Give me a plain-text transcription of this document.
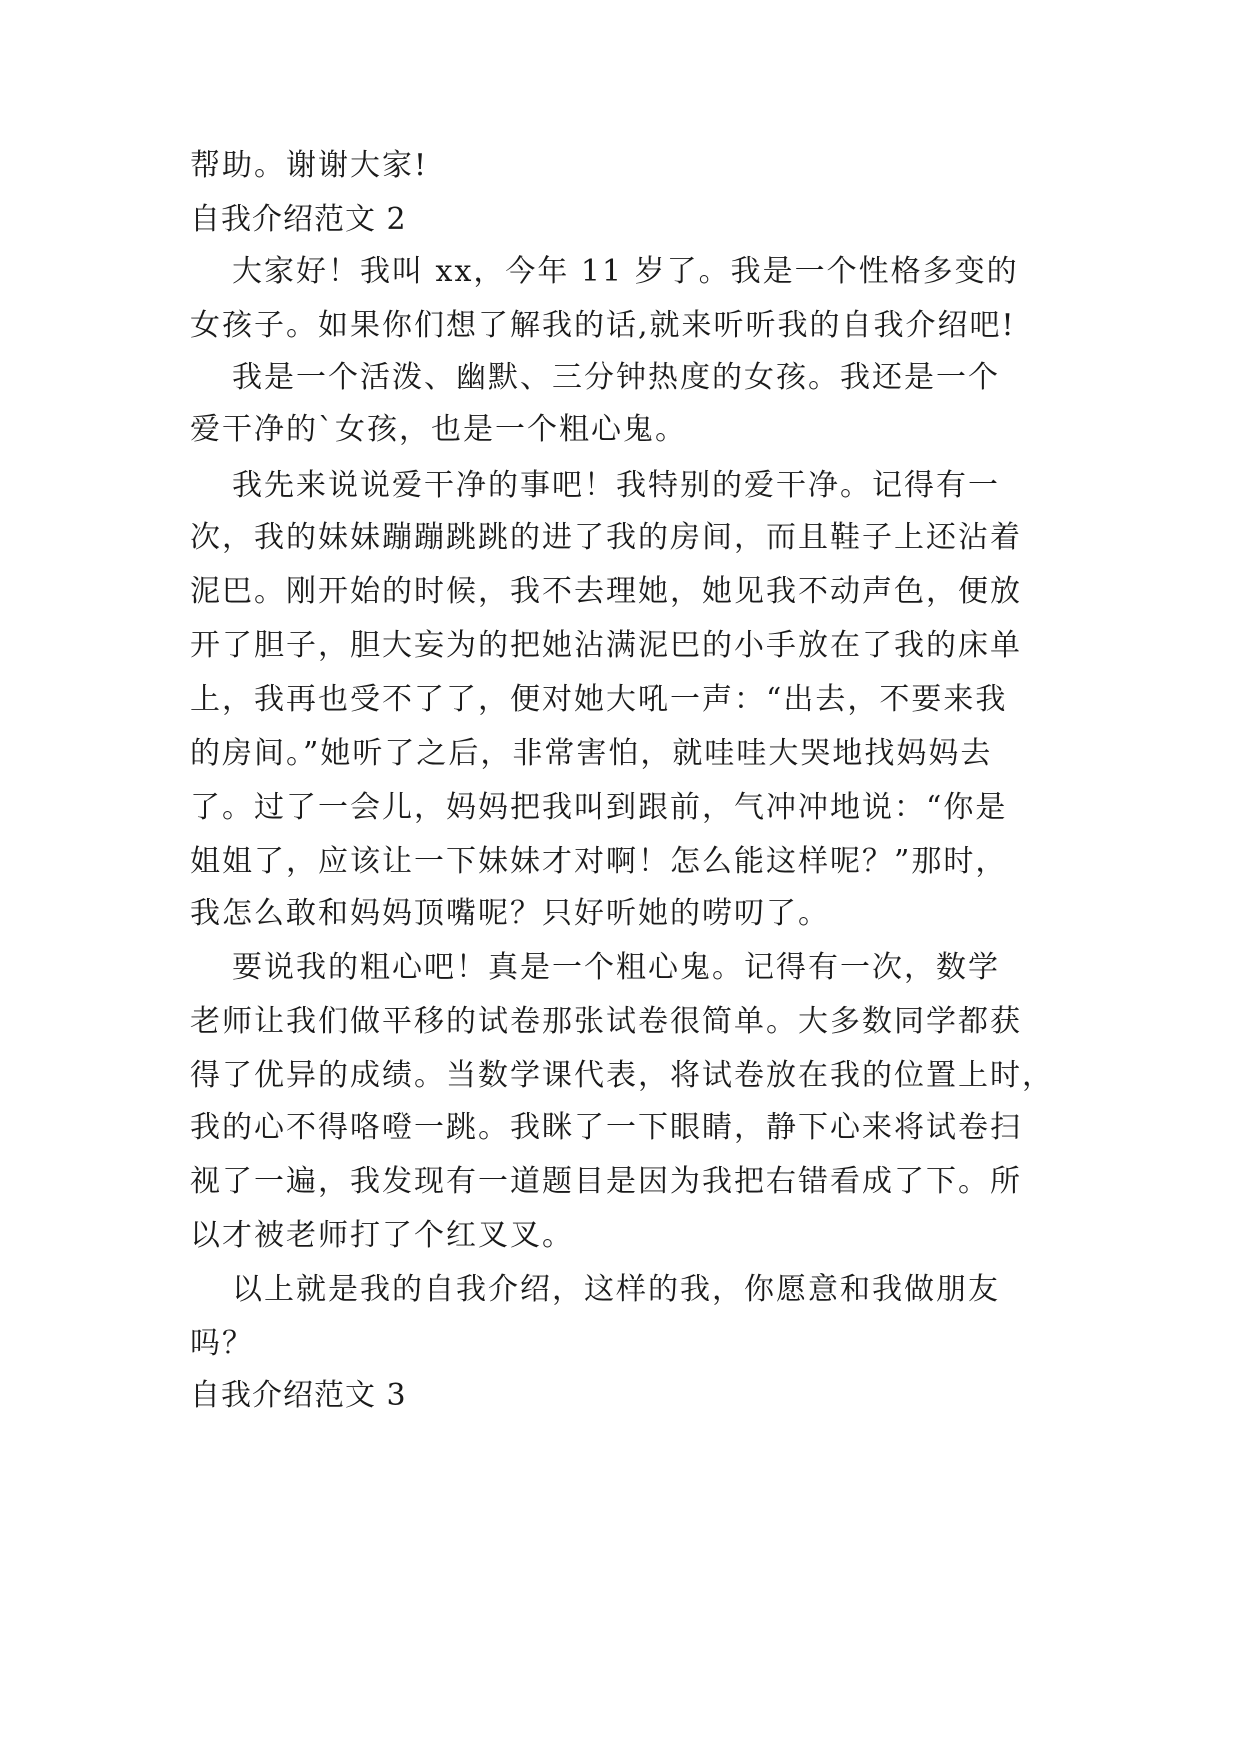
帮助。谢谢大家!
自我介绍范文 2
大家好！我叫 xx，今年 11 岁了。我是一个性格多变的
女孩子。如果你们想了解我的话,就来听听我的自我介绍吧!
我是一个活泼、幽默、三分钟热度的女孩。我还是一个
爱干净的`女孩，也是一个粗心鬼。
我先来说说爱干净的事吧！我特别的爱干净。记得有一
次，我的妹妹蹦蹦跳跳的进了我的房间，而且鞋子上还沾着
泥巴。刚开始的时候，我不去理她，她见我不动声色，便放
开了胆子，胆大妄为的把她沾满泥巴的小手放在了我的床单
上，我再也受不了了，便对她大吼一声：“出去，不要来我
的房间。”她听了之后，非常害怕，就哇哇大哭地找妈妈去
了。过了一会儿，妈妈把我叫到跟前，气冲冲地说：“你是
姐姐了，应该让一下妹妹才对啊！怎么能这样呢？”那时，
我怎么敢和妈妈顶嘴呢？只好听她的唠叨了。
要说我的粗心吧！真是一个粗心鬼。记得有一次，数学
老师让我们做平移的试卷那张试卷很简单。大多数同学都获
得了优异的成绩。当数学课代表，将试卷放在我的位置上时，
我的心不得咯噔一跳。我眯了一下眼睛，静下心来将试卷扫
视了一遍，我发现有一道题目是因为我把右错看成了下。所
以才被老师打了个红叉叉。
以上就是我的自我介绍，这样的我，你愿意和我做朋友
吗？
自我介绍范文 3
